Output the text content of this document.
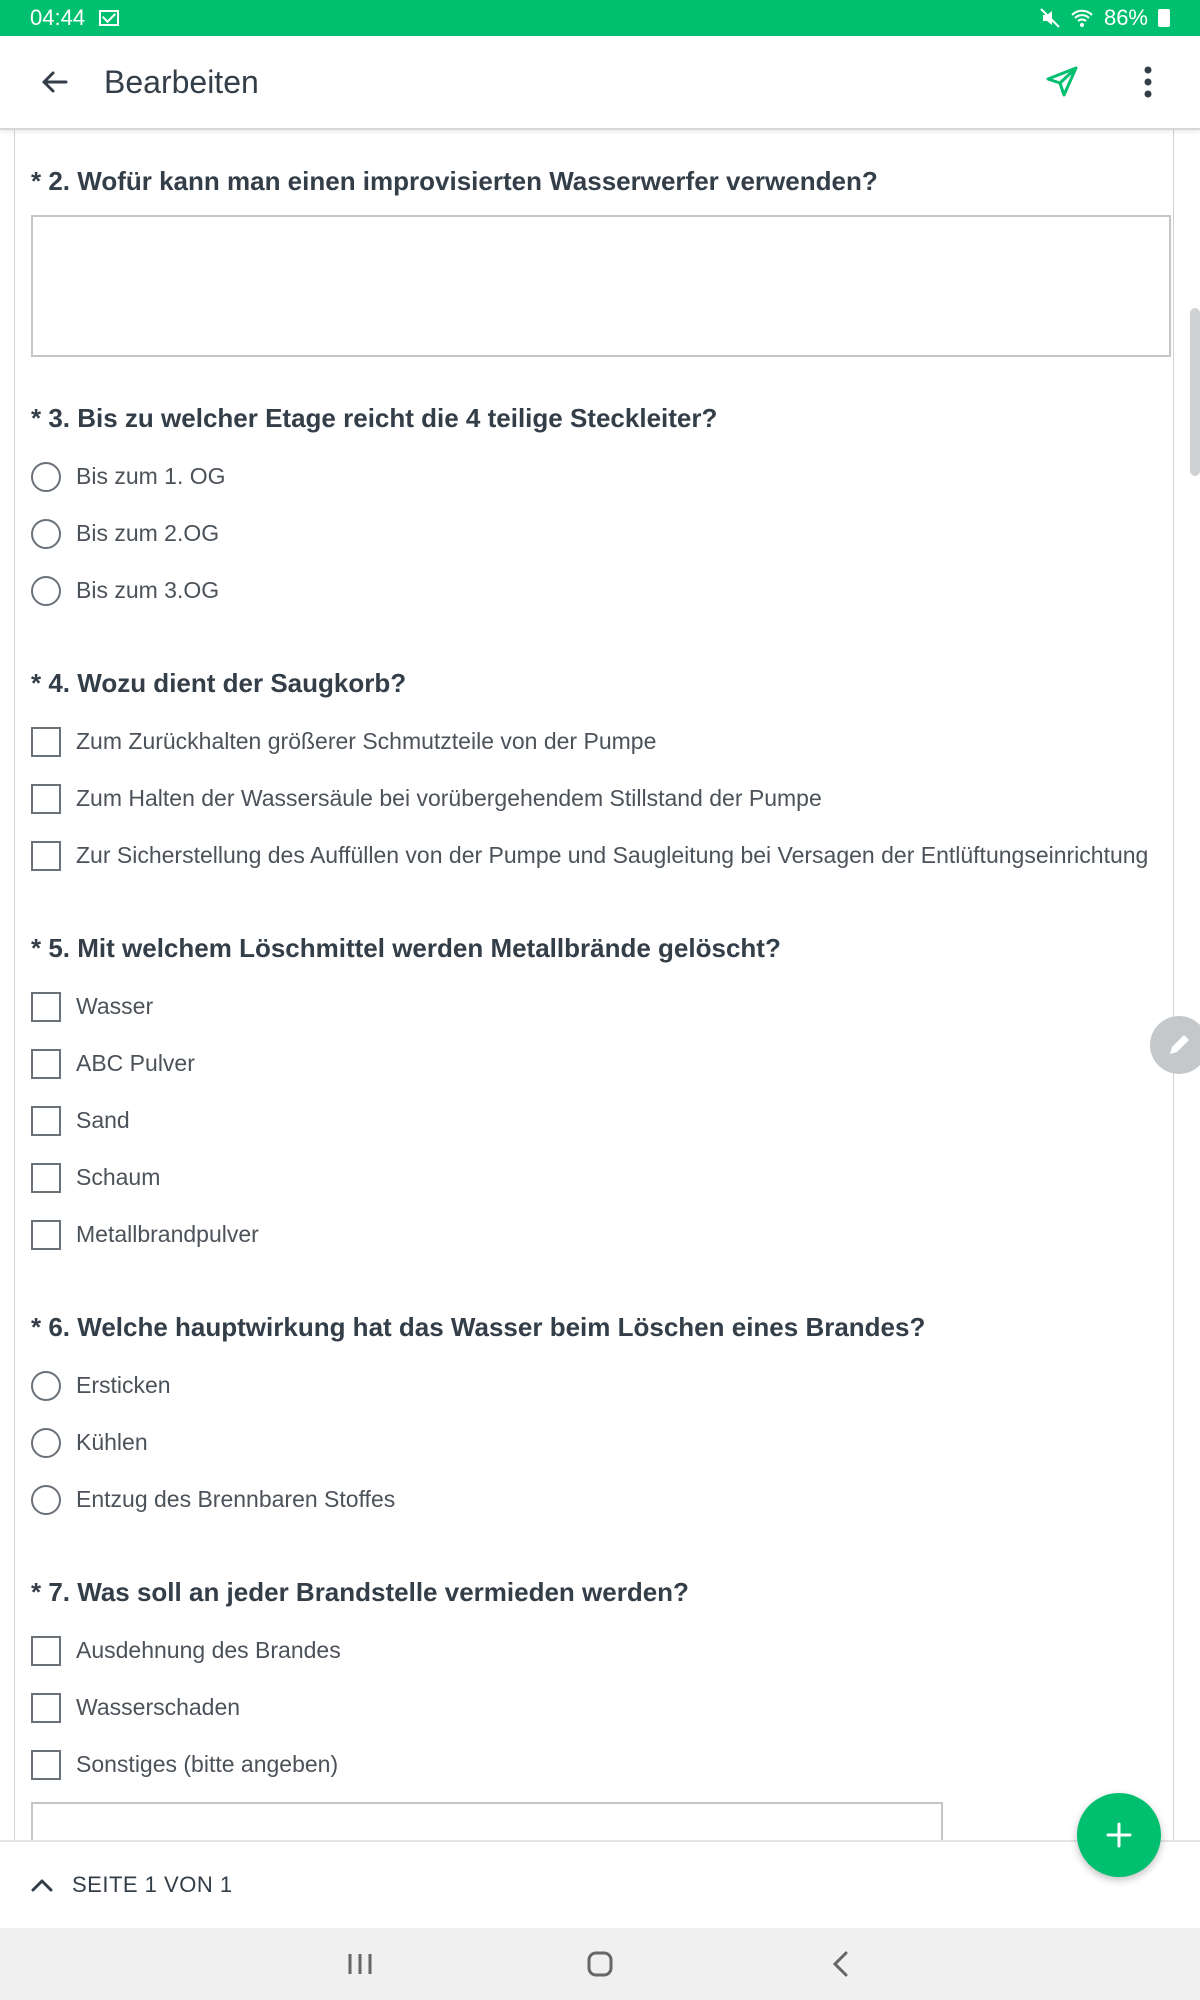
04:44	86%
Bearbeiten
* 2. Wofür kann man einen improvisierten Wasserwerfer verwenden?
* 3. Bis zu welcher Etage reicht die 4 teilige Steckleiter?
Bis zum 1. OG
Bis zum 2.OG
Bis zum 3.OG
* 4. Wozu dient der Saugkorb?
Zum Zurückhalten größerer Schmutzteile von der Pumpe
Zum Halten der Wassersäule bei vorübergehendem Stillstand der Pumpe
Zur Sicherstellung des Auffüllen von der Pumpe und Saugleitung bei Versagen der Entlüftungseinrichtung
* 5. Mit welchem Löschmittel werden Metallbrände gelöscht?
Wasser
ABC Pulver
Sand
Schaum
Metallbrandpulver
* 6. Welche hauptwirkung hat das Wasser beim Löschen eines Brandes?
Ersticken
Kühlen
Entzug des Brennbaren Stoffes
* 7. Was soll an jeder Brandstelle vermieden werden?
Ausdehnung des Brandes
Wasserschaden
Sonstiges (bitte angeben)
SEITE 1 VON 1
